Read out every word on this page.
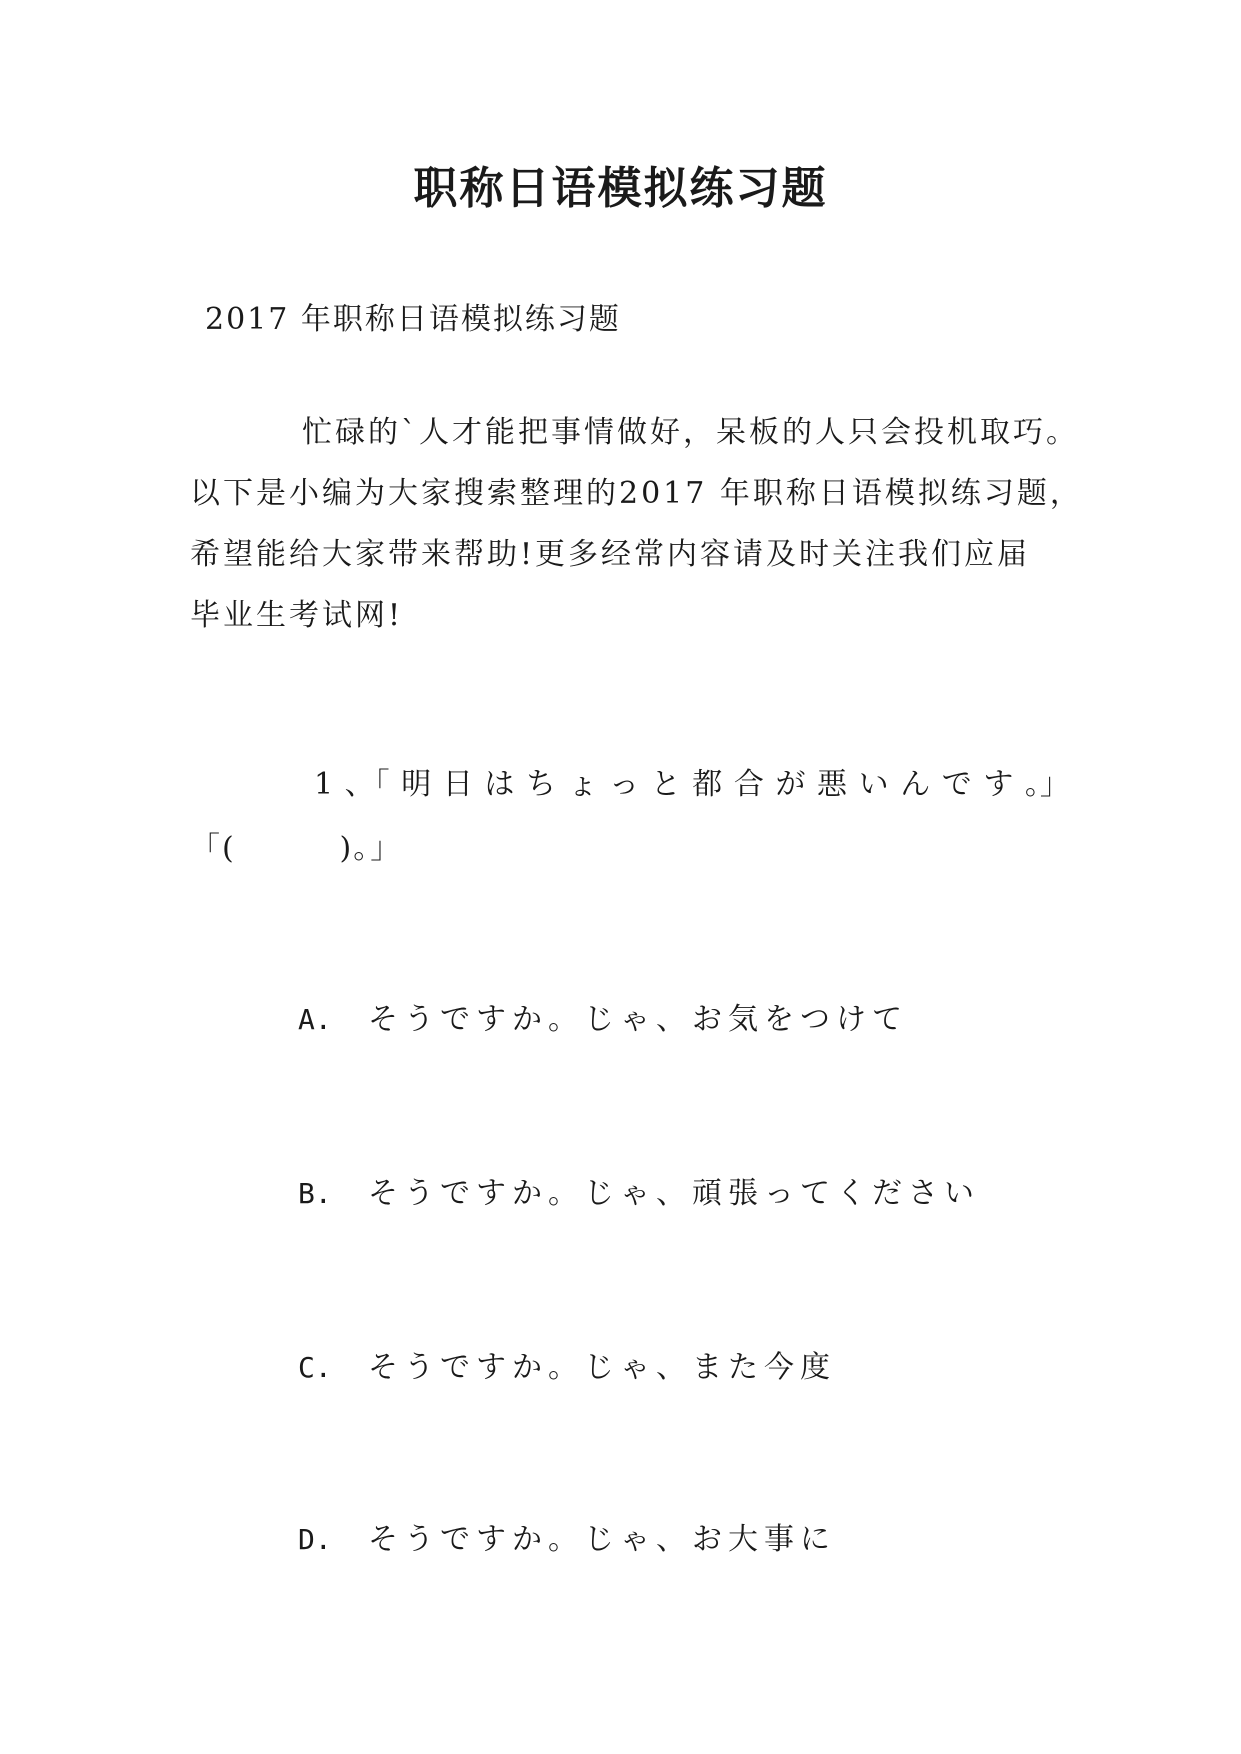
职称日语模拟练习题
2017 年职称日语模拟练习题
忙碌的`人才能把事情做好，呆板的人只会投机取巧。
以下是小编为大家搜索整理的2017 年职称日语模拟练习题，
希望能给大家带来帮助!更多经常内容请及时关注我们应届
毕业生考试网!
1 、「 明 日 は ち ょ っ と 都 合 が 悪 い ん で す 。」
「(         )。」
A.	そうですか。じゃ、お気をつけて
B.	そうですか。じゃ、頑張ってください
C.	そうですか。じゃ、また今度
D.	そうですか。じゃ、お大事に
